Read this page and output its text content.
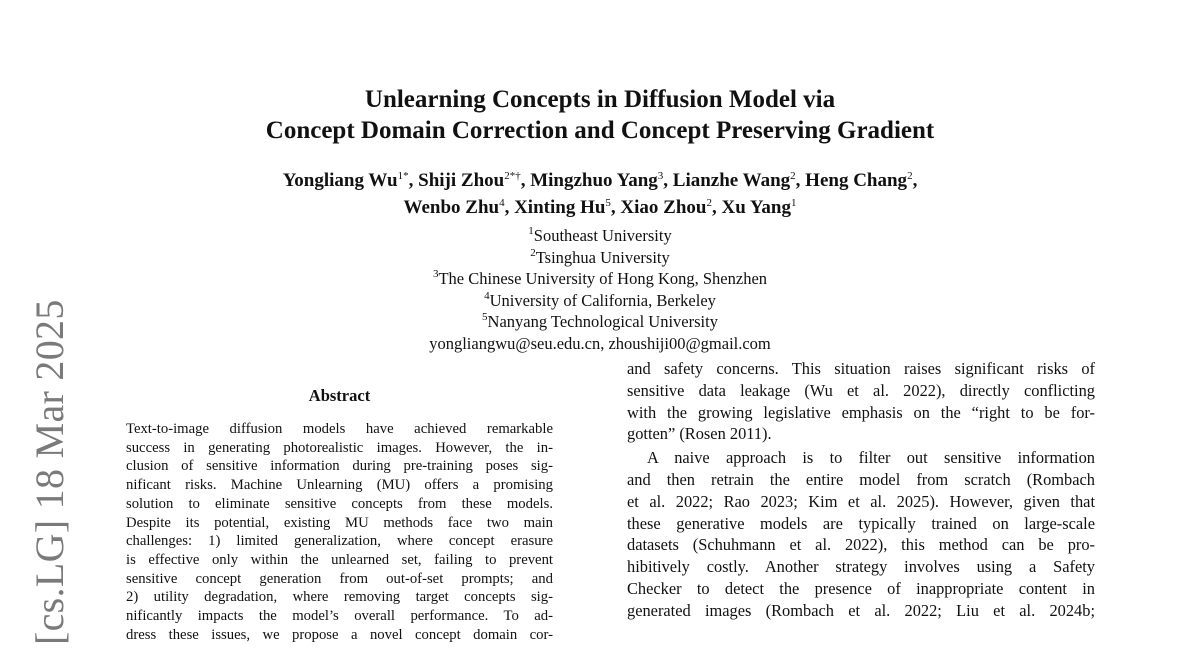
[cs.LG] 18 Mar 2025
Unlearning Concepts in Diffusion Model via
Concept Domain Correction and Concept Preserving Gradient
Yongliang $Wu^{1*}$, Shiji Zhou$^{2*\dagger}$, Mingzhuo Yang$^3$, Lianzhe Wang$^2$, Heng Chang$^2$,
Wenbo Zhu$^4$, Xinting Hu$^5$, Xiao Zhou$^2$, Xu Yang$^1$
$^1$Southeast University
$^2$Tsinghua University
$^3$The Chinese University of Hong Kong, Shenzhen
$^4$University of California, Berkeley
$^5$Nanyang Technological University
yongliangwu@seu.edu.cn, zhoushiji00@gmail.com
Abstract

Text-to-image diffusion models have achieved remarkable
success in generating photorealistic images. However, the in-
clusion of sensitive information during pre-training poses sig-
nificant risks. Machine Unlearning (MU) offers a promising
solution to eliminate sensitive concepts from these models.
Despite its potential, existing MU methods face two main
challenges: 1) limited generalization, where concept erasure
is effective only within the unlearned set, failing to prevent
sensitive concept generation from out-of-set prompts; and
2) utility degradation, where removing target concepts sig-
nificantly impacts the model’s overall performance. To ad-
dress these issues, we propose a novel concept domain cor-

and safety concerns. This situation raises significant risks of
sensitive data leakage (Wu et al. 2022), directly conflicting
with the growing legislative emphasis on the “right to be for-
gotten” (Rosen 2011).

A naive approach is to filter out sensitive information
and then retrain the entire model from scratch (Rombach
et al. 2022; Rao 2023; Kim et al. 2025). However, given that
these generative models are typically trained on large-scale
datasets (Schuhmann et al. 2022), this method can be pro-
hibitively costly. Another strategy involves using a Safety
Checker to detect the presence of inappropriate content in
generated images (Rombach et al. 2022; Liu et al. 2024b;
